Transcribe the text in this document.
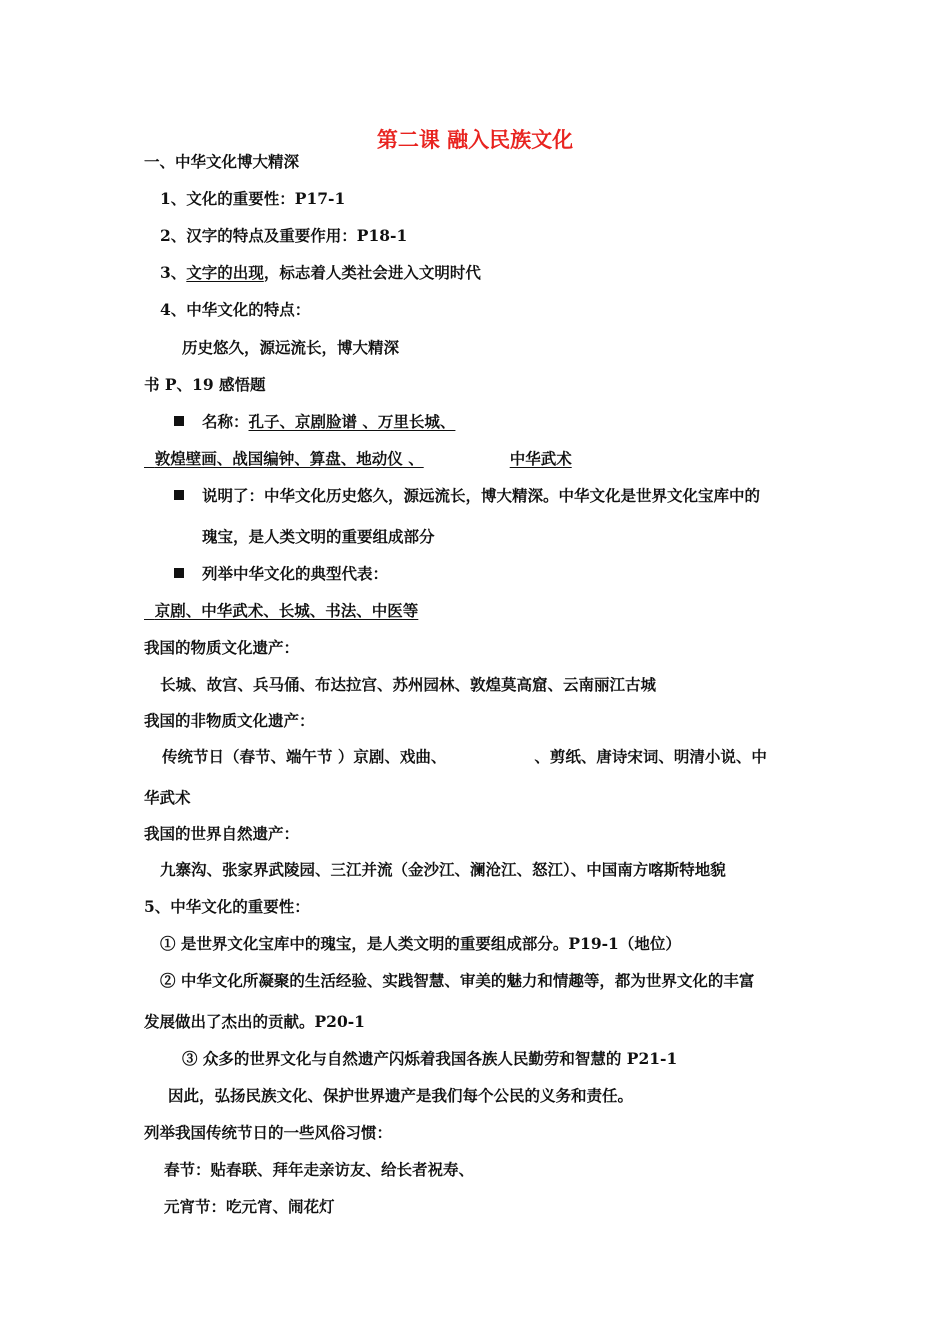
第二课 融入民族文化
一、中华文化博大精深
1、文化的重要性：P17-1
2、汉字的特点及重要作用：P18-1
3、文字的出现，标志着人类社会进入文明时代
4、中华文化的特点：
历史悠久，源远流长，博大精深
书 P、19 感悟题
名称：孔子、京剧脸谱 、万里长城、
敦煌壁画、战国编钟、算盘、地动仪 、	中华武术
说明了：中华文化历史悠久，源远流长，博大精深。中华文化是世界文化宝库中的
瑰宝，是人类文明的重要组成部分
列举中华文化的典型代表：
京剧、中华武术、长城、书法、中医等
我国的物质文化遗产：
长城、故宫、兵马俑、布达拉宫、苏州园林、敦煌莫高窟、云南丽江古城
我国的非物质文化遗产：
传统节日（春节、端午节 ）京剧、戏曲、	、剪纸、唐诗宋词、明清小说、中
华武术
我国的世界自然遗产：
九寨沟、张家界武陵园、三江并流（金沙江、澜沧江、怒江）、中国南方喀斯特地貌
5、中华文化的重要性：
① 是世界文化宝库中的瑰宝，是人类文明的重要组成部分。P19-1（地位）
② 中华文化所凝聚的生活经验、实践智慧、审美的魅力和情趣等，都为世界文化的丰富
发展做出了杰出的贡献。P20-1
③ 众多的世界文化与自然遗产闪烁着我国各族人民勤劳和智慧的 P21-1
因此，弘扬民族文化、保护世界遗产是我们每个公民的义务和责任。
列举我国传统节日的一些风俗习惯：
春节：贴春联、拜年走亲访友、给长者祝寿、
元宵节：吃元宵、闹花灯
